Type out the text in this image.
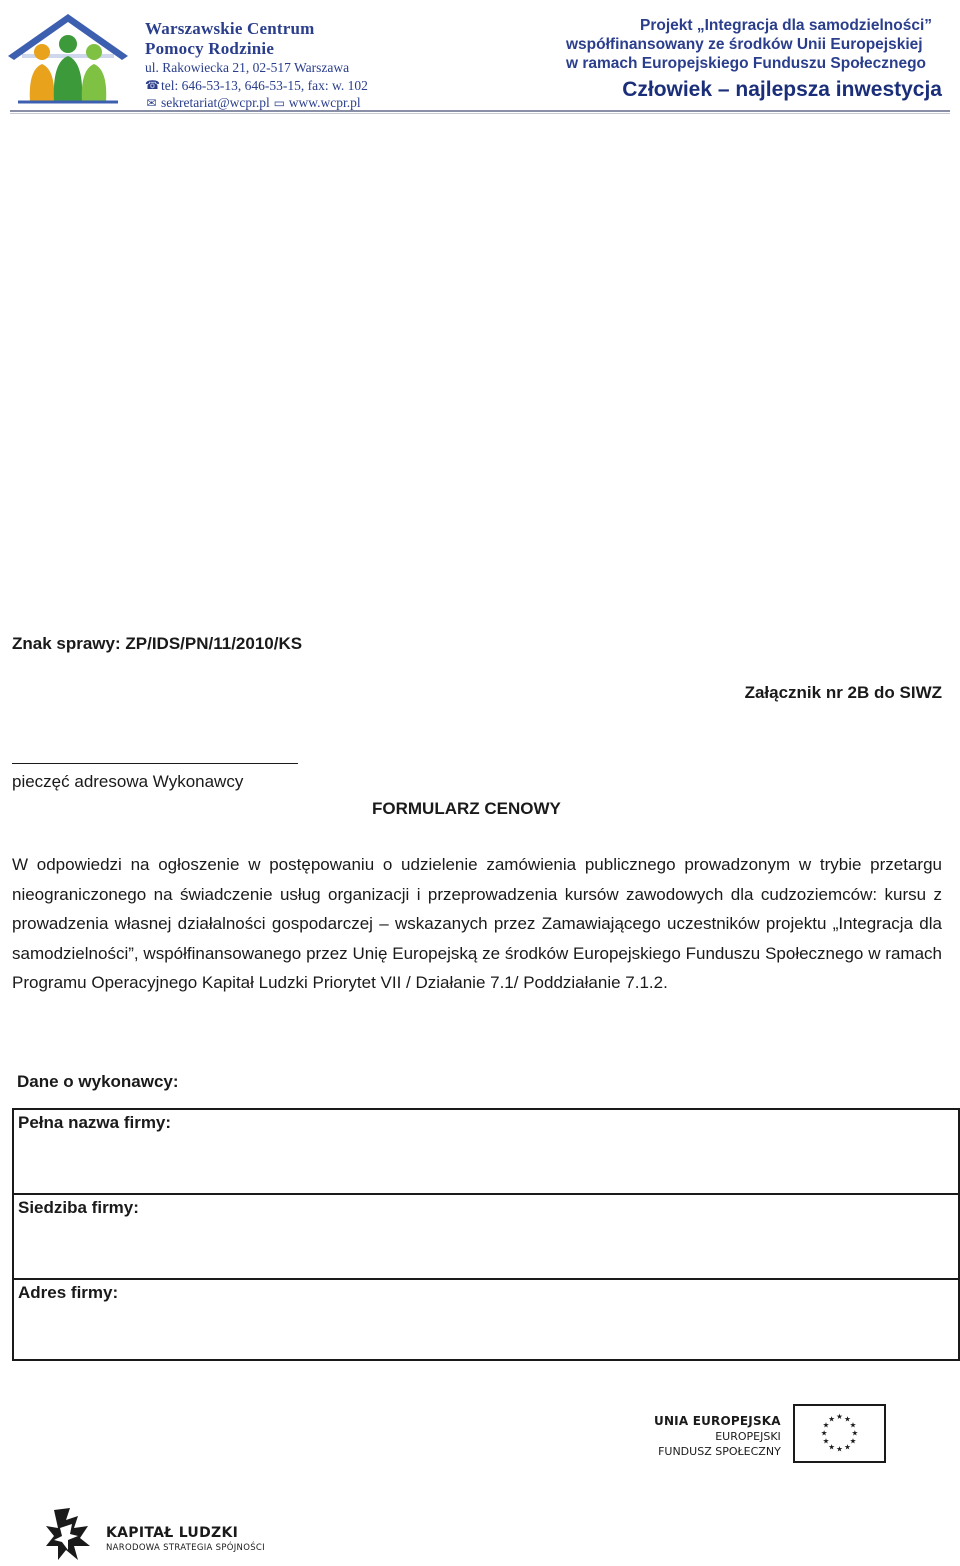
Warszawskie Centrum
Pomocy Rodzinie
ul. Rakowiecka 21, 02-517 Warszawa
☎ tel: 646-53-13, 646-53-15, fax: w. 102
✉ sekretariat@wcpr.pl ▭ www.wcpr.pl
Projekt „Integracja dla samodzielności”
współfinansowany ze środków Unii Europejskiej
w ramach Europejskiego Funduszu Społecznego
Człowiek – najlepsza inwestycja
Znak sprawy: ZP/IDS/PN/11/2010/KS
Załącznik nr 2B do SIWZ
pieczęć adresowa Wykonawcy
FORMULARZ CENOWY
W odpowiedzi na ogłoszenie w postępowaniu o udzielenie zamówienia publicznego prowadzonym w trybie przetargu nieograniczonego na świadczenie usług organizacji i przeprowadzenia kursów zawodowych dla cudzoziemców: kursu z prowadzenia własnej działalności gospodarczej – wskazanych przez Zamawiającego uczestników projektu „Integracja dla samodzielności”, współfinansowanego przez Unię Europejską ze środków Europejskiego Funduszu Społecznego w ramach Programu Operacyjnego Kapitał Ludzki Priorytet VII / Działanie 7.1/ Poddziałanie 7.1.2.
Dane o wykonawcy:
Pełna nazwa firmy:
Siedziba firmy:
Adres firmy:
UNIA EUROPEJSKA
EUROPEJSKI
FUNDUSZ SPOŁECZNY
★ ★
★
★
★
★
★
★
★
★
★
★
KAPITAŁ LUDZKI
NARODOWA STRATEGIA SPÓJNOŚCI
